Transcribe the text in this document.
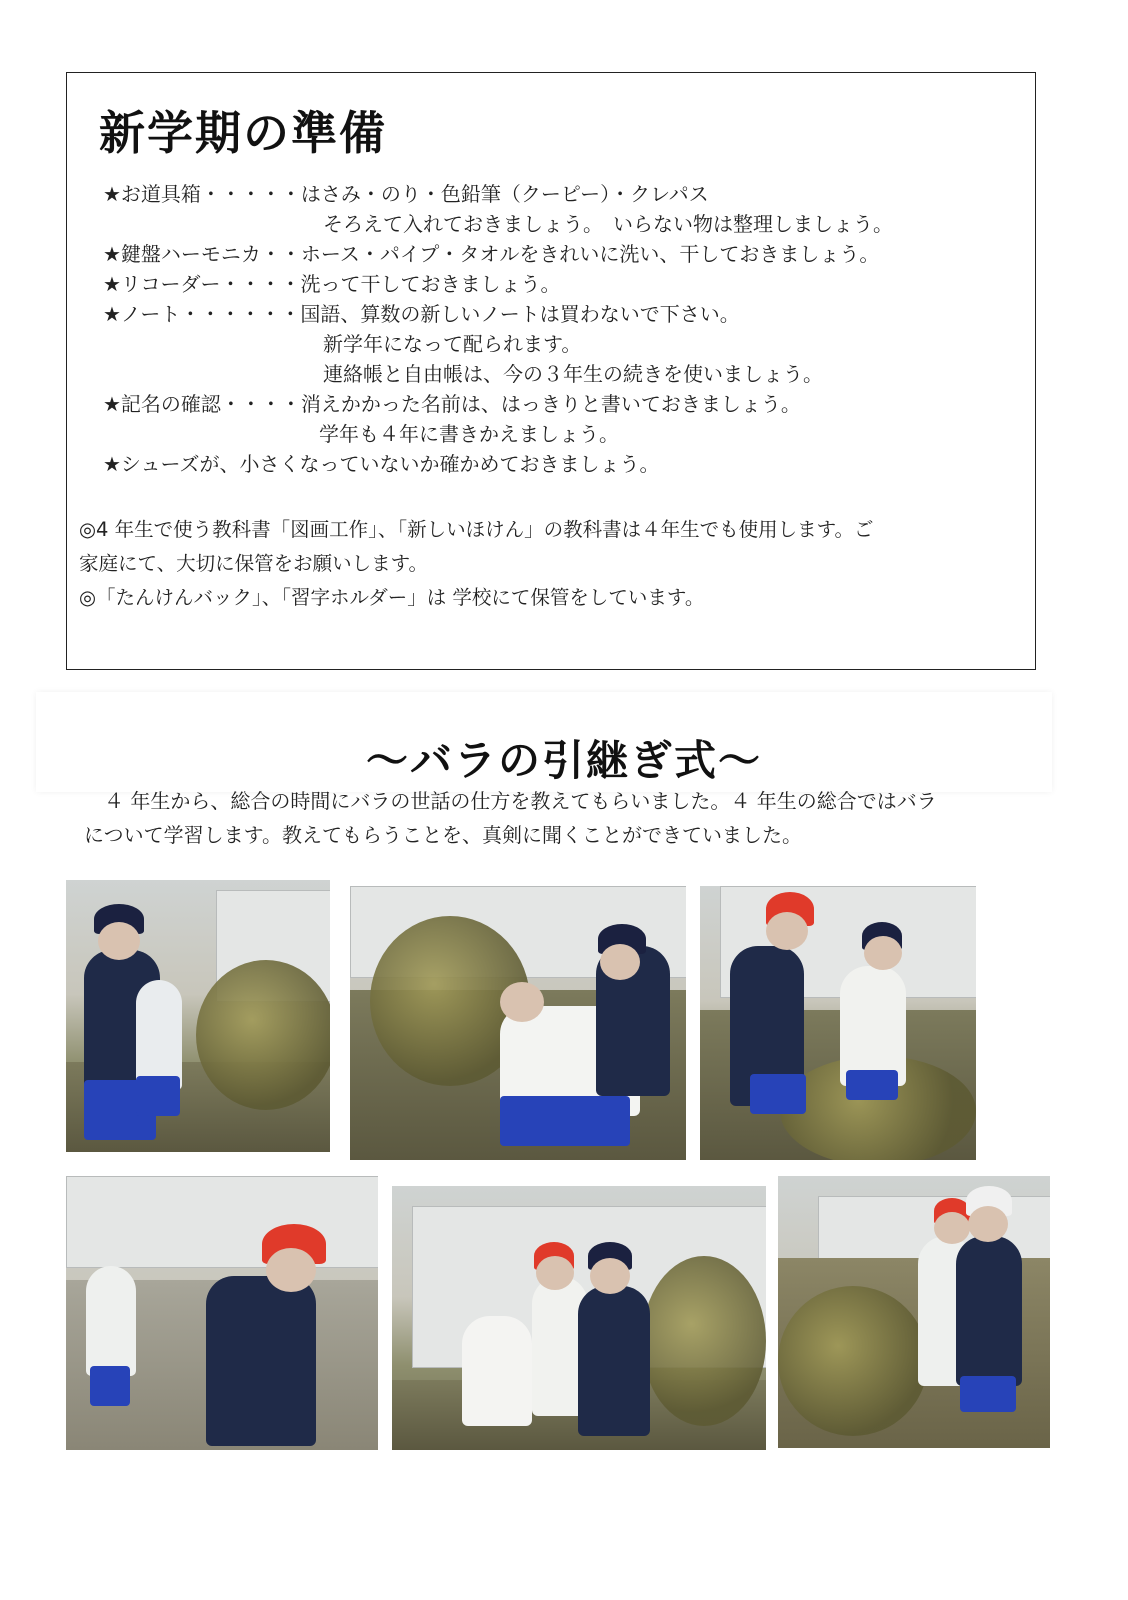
新学期の準備
★お道具箱・・・・・はさみ・のり・色鉛筆（クーピー）・クレパス
そろえて入れておきましょう。　いらない物は整理しましょう。
★鍵盤ハーモニカ・・ホース・パイプ・タオルをきれいに洗い、干しておきましょう。
★リコーダー・・・・洗って干しておきましょう。
★ノート・・・・・・国語、算数の新しいノートは買わないで下さい。
新学年になって配られます。
連絡帳と自由帳は、今の３年生の続きを使いましょう。
★記名の確認・・・・消えかかった名前は、はっきりと書いておきましょう。
学年も４年に書きかえましょう。
★シューズが、小さくなっていないか確かめておきましょう。
◎4 年生で使う教科書「図画工作」、「新しいほけん」の教科書は４年生でも使用します。ご
家庭にて、大切に保管をお願いします。
◎「たんけんバック」、「習字ホルダー」は 学校にて保管をしています。
～バラの引継ぎ式～
　４ 年生から、総合の時間にバラの世話の仕方を教えてもらいました。４ 年生の総合ではバラ
について学習します。教えてもらうことを、真剣に聞くことができていました。
